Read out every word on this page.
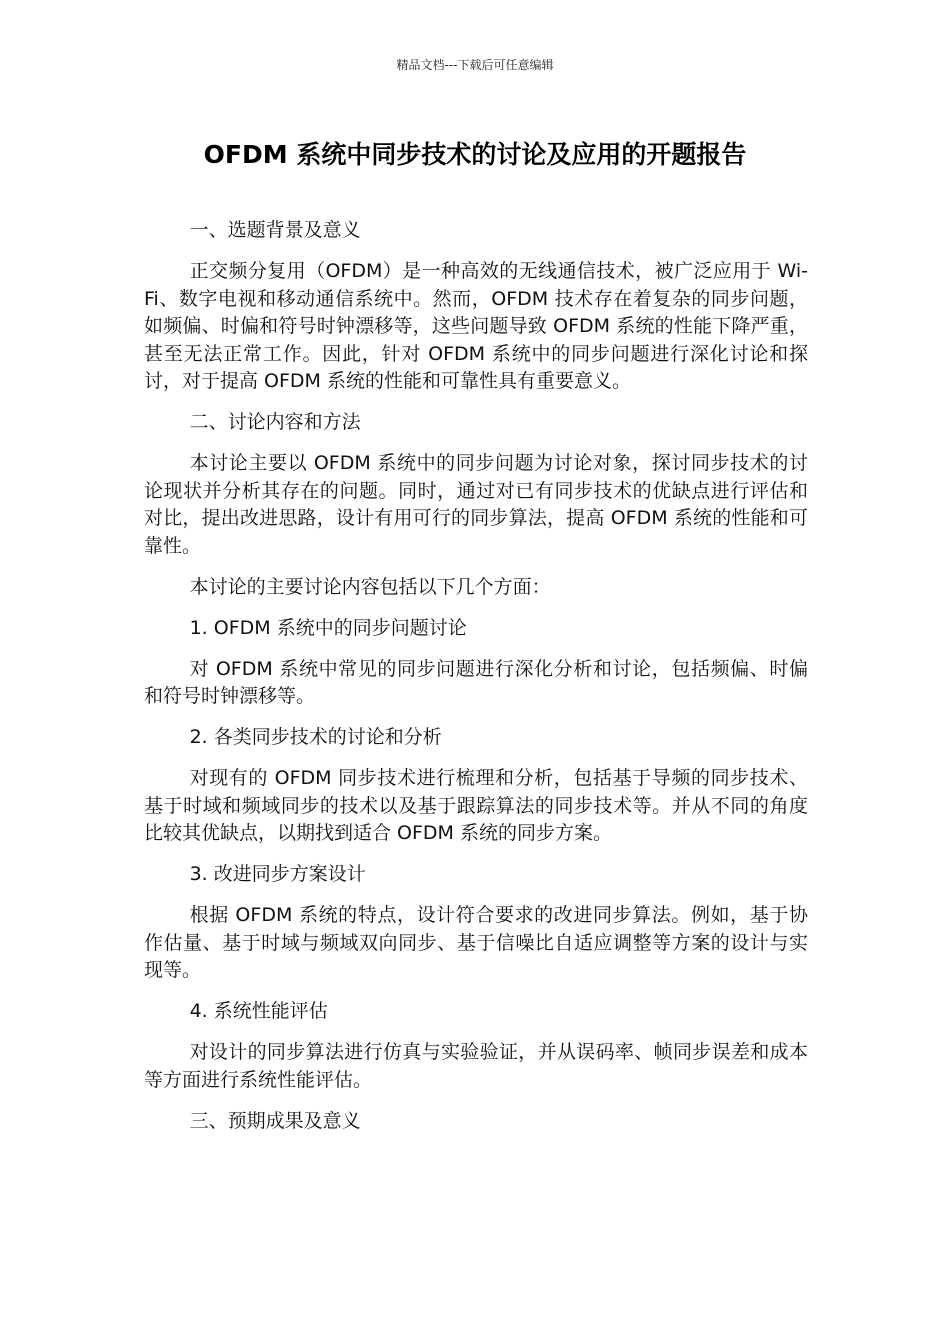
精品文档---下载后可任意编辑
OFDM 系统中同步技术的讨论及应用的开题报告

一、选题背景及意义

正交频分复用（OFDM）是一种高效的无线通信技术，被广泛应用于 Wi-Fi、数字电视和移动通信系统中。然而，OFDM 技术存在着复杂的同步问题，如频偏、时偏和符号时钟漂移等，这些问题导致 OFDM 系统的性能下降严重，甚至无法正常工作。因此，针对 OFDM 系统中的同步问题进行深化讨论和探讨，对于提高 OFDM 系统的性能和可靠性具有重要意义。

二、讨论内容和方法

本讨论主要以 OFDM 系统中的同步问题为讨论对象，探讨同步技术的讨论现状并分析其存在的问题。同时，通过对已有同步技术的优缺点进行评估和对比，提出改进思路，设计有用可行的同步算法，提高 OFDM 系统的性能和可靠性。

本讨论的主要讨论内容包括以下几个方面：

1. OFDM 系统中的同步问题讨论

对 OFDM 系统中常见的同步问题进行深化分析和讨论，包括频偏、时偏和符号时钟漂移等。

2. 各类同步技术的讨论和分析

对现有的 OFDM 同步技术进行梳理和分析，包括基于导频的同步技术、基于时域和频域同步的技术以及基于跟踪算法的同步技术等。并从不同的角度比较其优缺点，以期找到适合 OFDM 系统的同步方案。

3. 改进同步方案设计

根据 OFDM 系统的特点，设计符合要求的改进同步算法。例如，基于协作估量、基于时域与频域双向同步、基于信噪比自适应调整等方案的设计与实现等。

4. 系统性能评估

对设计的同步算法进行仿真与实验验证，并从误码率、帧同步误差和成本等方面进行系统性能评估。

三、预期成果及意义
